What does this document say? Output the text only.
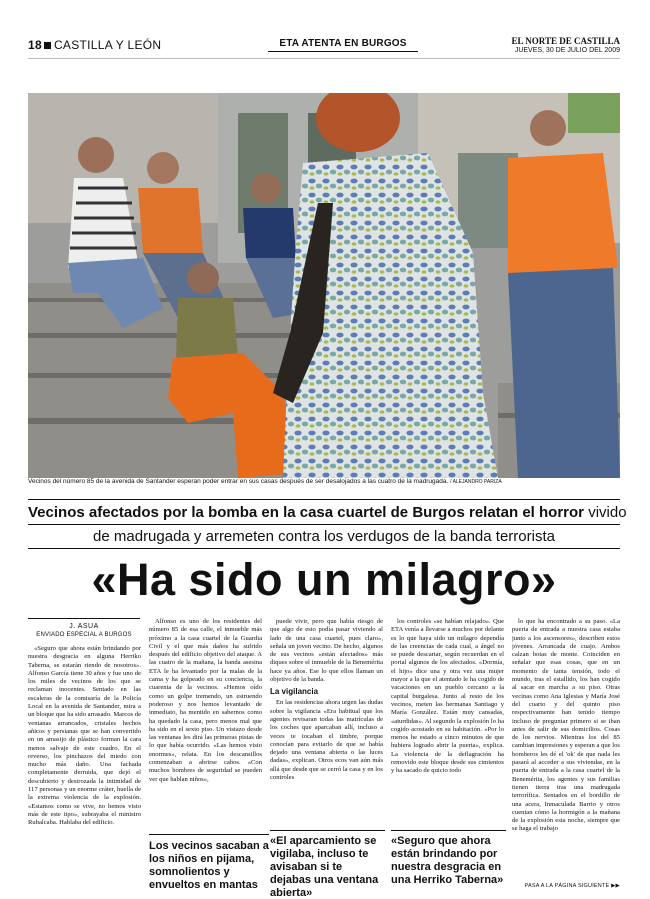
18 CASTILLA Y LEÓN	ETA ATENTA EN BURGOS	EL NORTE DE CASTILLA
JUEVES, 30 DE JULIO DEL 2009
Vecinos del número 85 de la avenida de Santander esperan poder entrar en sus casas después de ser desalojados a las cuatro de la madrugada. / ALEJANDRO PARIZA
Vecinos afectados por la bomba en la casa cuartel de Burgos relatan el horror vivido
de madrugada y arremeten contra los verdugos de la banda terrorista
«Ha sido un milagro»
J. ASUA
ENVIADO ESPECIAL A BURGOS

«Seguro que ahora están brindando por nuestra desgracia en alguna Herriko Taberna, se estarán riendo de nosotros». Alfonso García tiene 30 años y fue uno de los miles de vecinos de los que se reclaman inocentes. Sentado en las escaleras de la comisaría de la Policía Local en la avenida de Santander, mira a un bloque que ha sido arrasado. Marcos de ventanas arrancados, cristales hechos añicos y persianas que se han convertido en un amasijo de plástico forman la cara menos salvaje de este cuadro. En el reverso, los pinchazos del miedo con mucho más daño. Una fachada completamente derruida, que dejó el descubierto y destrozada la intimidad de 117 personas y un enorme cráter, huella de la extrema violencia de la explosión. «Estamos como se vive, no hemos visto más de este tipo», subrayaba el ministro Rubalcaba. Hablaba del edificio.

Alfonso es uno de los residentes del número 85 de esa calle, el inmueble más próximo a la casa cuartel de la Guardia Civil y el que más daños ha sufrido después del edificio objetivo del ataque. A las cuatro de la mañana, la banda asesina ETA le ha levantado por la malas de la cama y ha golpeado en su conciencia, la cuarenta de la vecinos. «Hemos oído como un golpe tremendo, un estruendo poderoso y nos hemos levantado de inmediato, ha mentido en sabernos como ha quedado la casa, pero menos mal que ha sido en el sexto piso. Un vistazo desde las ventanas les dirá las primeras pistas de lo que había ocurrido. «Las hemos visto enormes», relata. En los descansillos comenzaban a abrirse cabos. «Con muchos hombres de seguridad se pueden ver que hablan niños»,

puede vivir, pero que había riesgo de que algo de esto podía pasar viviendo al lado de una casa cuartel, pues claro», señala un joven vecino. De hecho, algunos de sus vecinos «están afectados» más diques sobre el inmueble de la Benemérita hace ya años. Ese lo que ellos llaman un objetivo de la banda.

La vigilancia

En las residencias ahora urgen las dudas sobre la vigilancia «Era habitual que los agentes revisaran todas las matrículas de los coches que aparcaban allí, incluso a veces te tocaban el timbre, porque conocían para evitarlo de que se había dejado una ventana abierta o las luces dadas», explican. Otros ecos van aún más allá que desde que se cerró la casa y en los controles

los controles «se habían relajado». Que ETA venía a llevarse a muchos por delante es lo que haya sido un milagro dependía de las creencias de cada cual, a ángel no se puede descartar, según recuerdan en el portal algunos de los afectados. «Dormía, el hijo» dice una y otra vez una mujer mayor a la que el atentado le ha cogido de vacaciones en un pueblo cercano a la capital burgalesa. Junto al resto de los vecinos, meten las hermanas Santiago y María González. Están muy cansadas, «aturdidas». Al segundo la explosión lo ha cogido acostado en su habitación. «Por lo menos he estado a cinco minutos de que hubiera logrado abrir la puerta», explica. La violencia de la deflagración ha removido este bloque desde sus cimientos y ha sacado de quicio todo

lo que ha encontrado a su paso. «La puerta de entrada a nuestra casa estaba junto a los ascensores», describen estos jóvenes. Arrancada de cuajo. Ambos calzan botas de monte. Coinciden en señalar que esas cosas, que en un momento de tanta tensión, todo el mundo, tras el estallido, los han cogido al sacar en marcha a su piso. Otras vecinas como Ana Iglesias y María José del cuarto y del quinto piso respectivamente han tenido tiempo incluso de preguntar primero si se iban antes de salir de sus domicilios. Cosas de los nervios. Mientras los del 85 cambian impresiones y esperan a que los bomberos les dé el 'ok' de que nada les pasará al acceder a sus viviendas, en la puerta de entrada a la casa cuartel de la Benemérita, los agentes y sus familias tienen tierra tras una madrugada terrorífica. Sentados en el bordillo de una acera, Inmaculada Barrio y otros cuentan cómo la hormigón a la mañana de la explosión esta noche, siempre que se haga el trabajo

Los vecinos sacaban a los niños en pijama, somnolientos y envueltos en mantas
«El aparcamiento se vigilaba, incluso te avisaban si te dejabas una ventana abierta»
«Seguro que ahora están brindando por nuestra desgracia en una Herriko Taberna»	PASA A LA PÁGINA SIGUIENTE ▶▶
